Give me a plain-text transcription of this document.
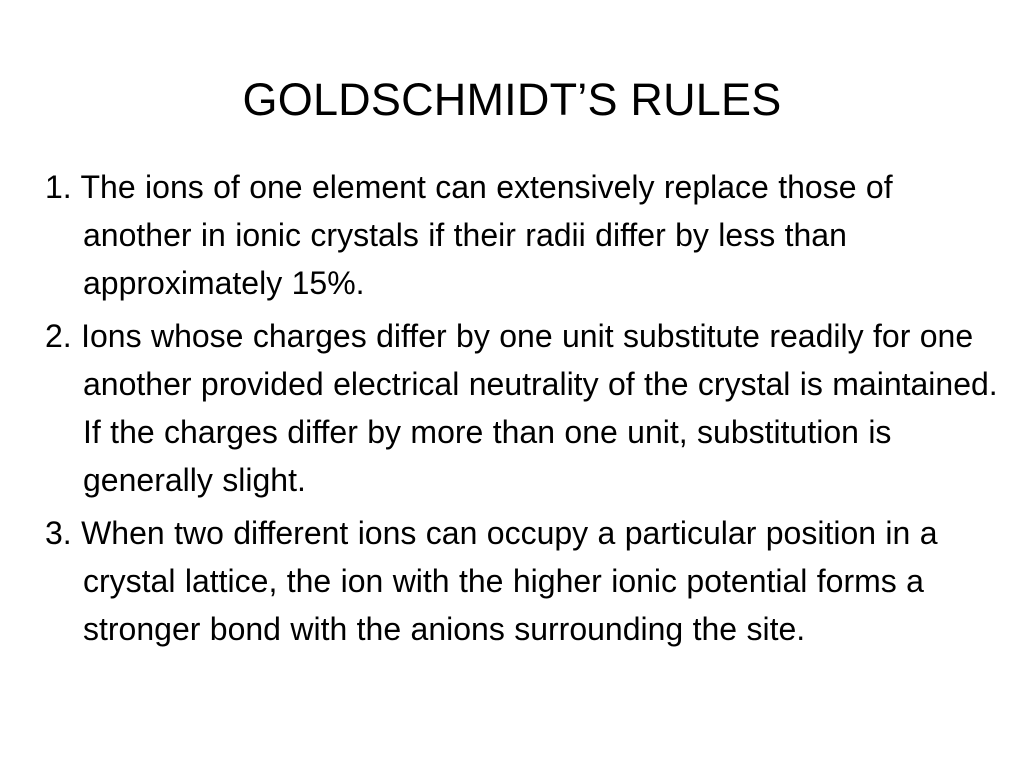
GOLDSCHMIDT’S RULES
1. The ions of one element can extensively replace those of another in ionic crystals if their radii differ by less than approximately 15%.
2. Ions whose charges differ by one unit substitute readily for one another provided electrical neutrality of the crystal is maintained. If the charges differ by more than one unit, substitution is generally slight.
3. When two different ions can occupy a particular position in a crystal lattice, the ion with the higher ionic potential forms a stronger bond with the anions surrounding the site.
